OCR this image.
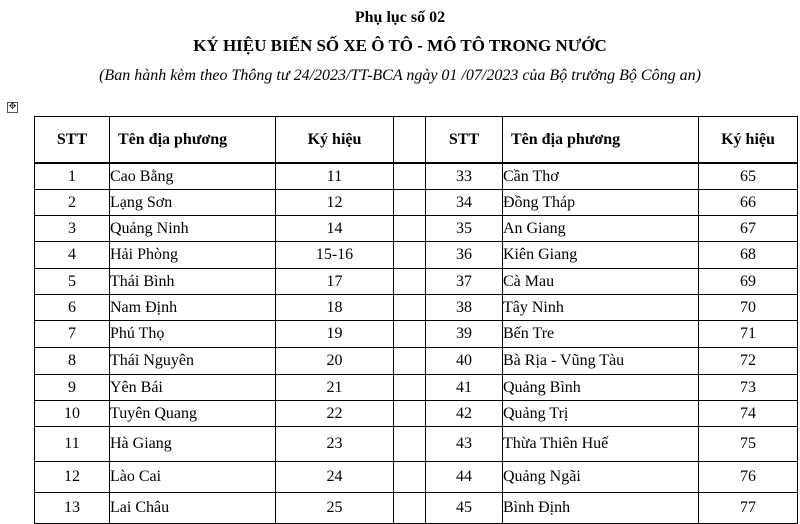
Phụ lục số 02
KÝ HIỆU BIỂN SỐ XE Ô TÔ - MÔ TÔ TRONG NƯỚC
(Ban hành kèm theo Thông tư 24/2023/TT-BCA ngày 01 /07/2023 của Bộ trưởng Bộ Công an)
✥
STT	Tên địa phương	Ký hiệu		STT	Tên địa phương	Ký hiệu
1	Cao Bằng	11		33	Cần Thơ	65
2	Lạng Sơn	12		34	Đồng Tháp	66
3	Quảng Ninh	14		35	An Giang	67
4	Hải Phòng	15-16		36	Kiên Giang	68
5	Thái Bình	17		37	Cà Mau	69
6	Nam Định	18		38	Tây Ninh	70
7	Phú Thọ	19		39	Bến Tre	71
8	Thái Nguyên	20		40	Bà Rịa - Vũng Tàu	72
9	Yên Bái	21		41	Quảng Bình	73
10	Tuyên Quang	22		42	Quảng Trị	74
11	Hà Giang	23		43	Thừa Thiên Huế	75
12	Lào Cai	24		44	Quảng Ngãi	76
13	Lai Châu	25		45	Bình Định	77
